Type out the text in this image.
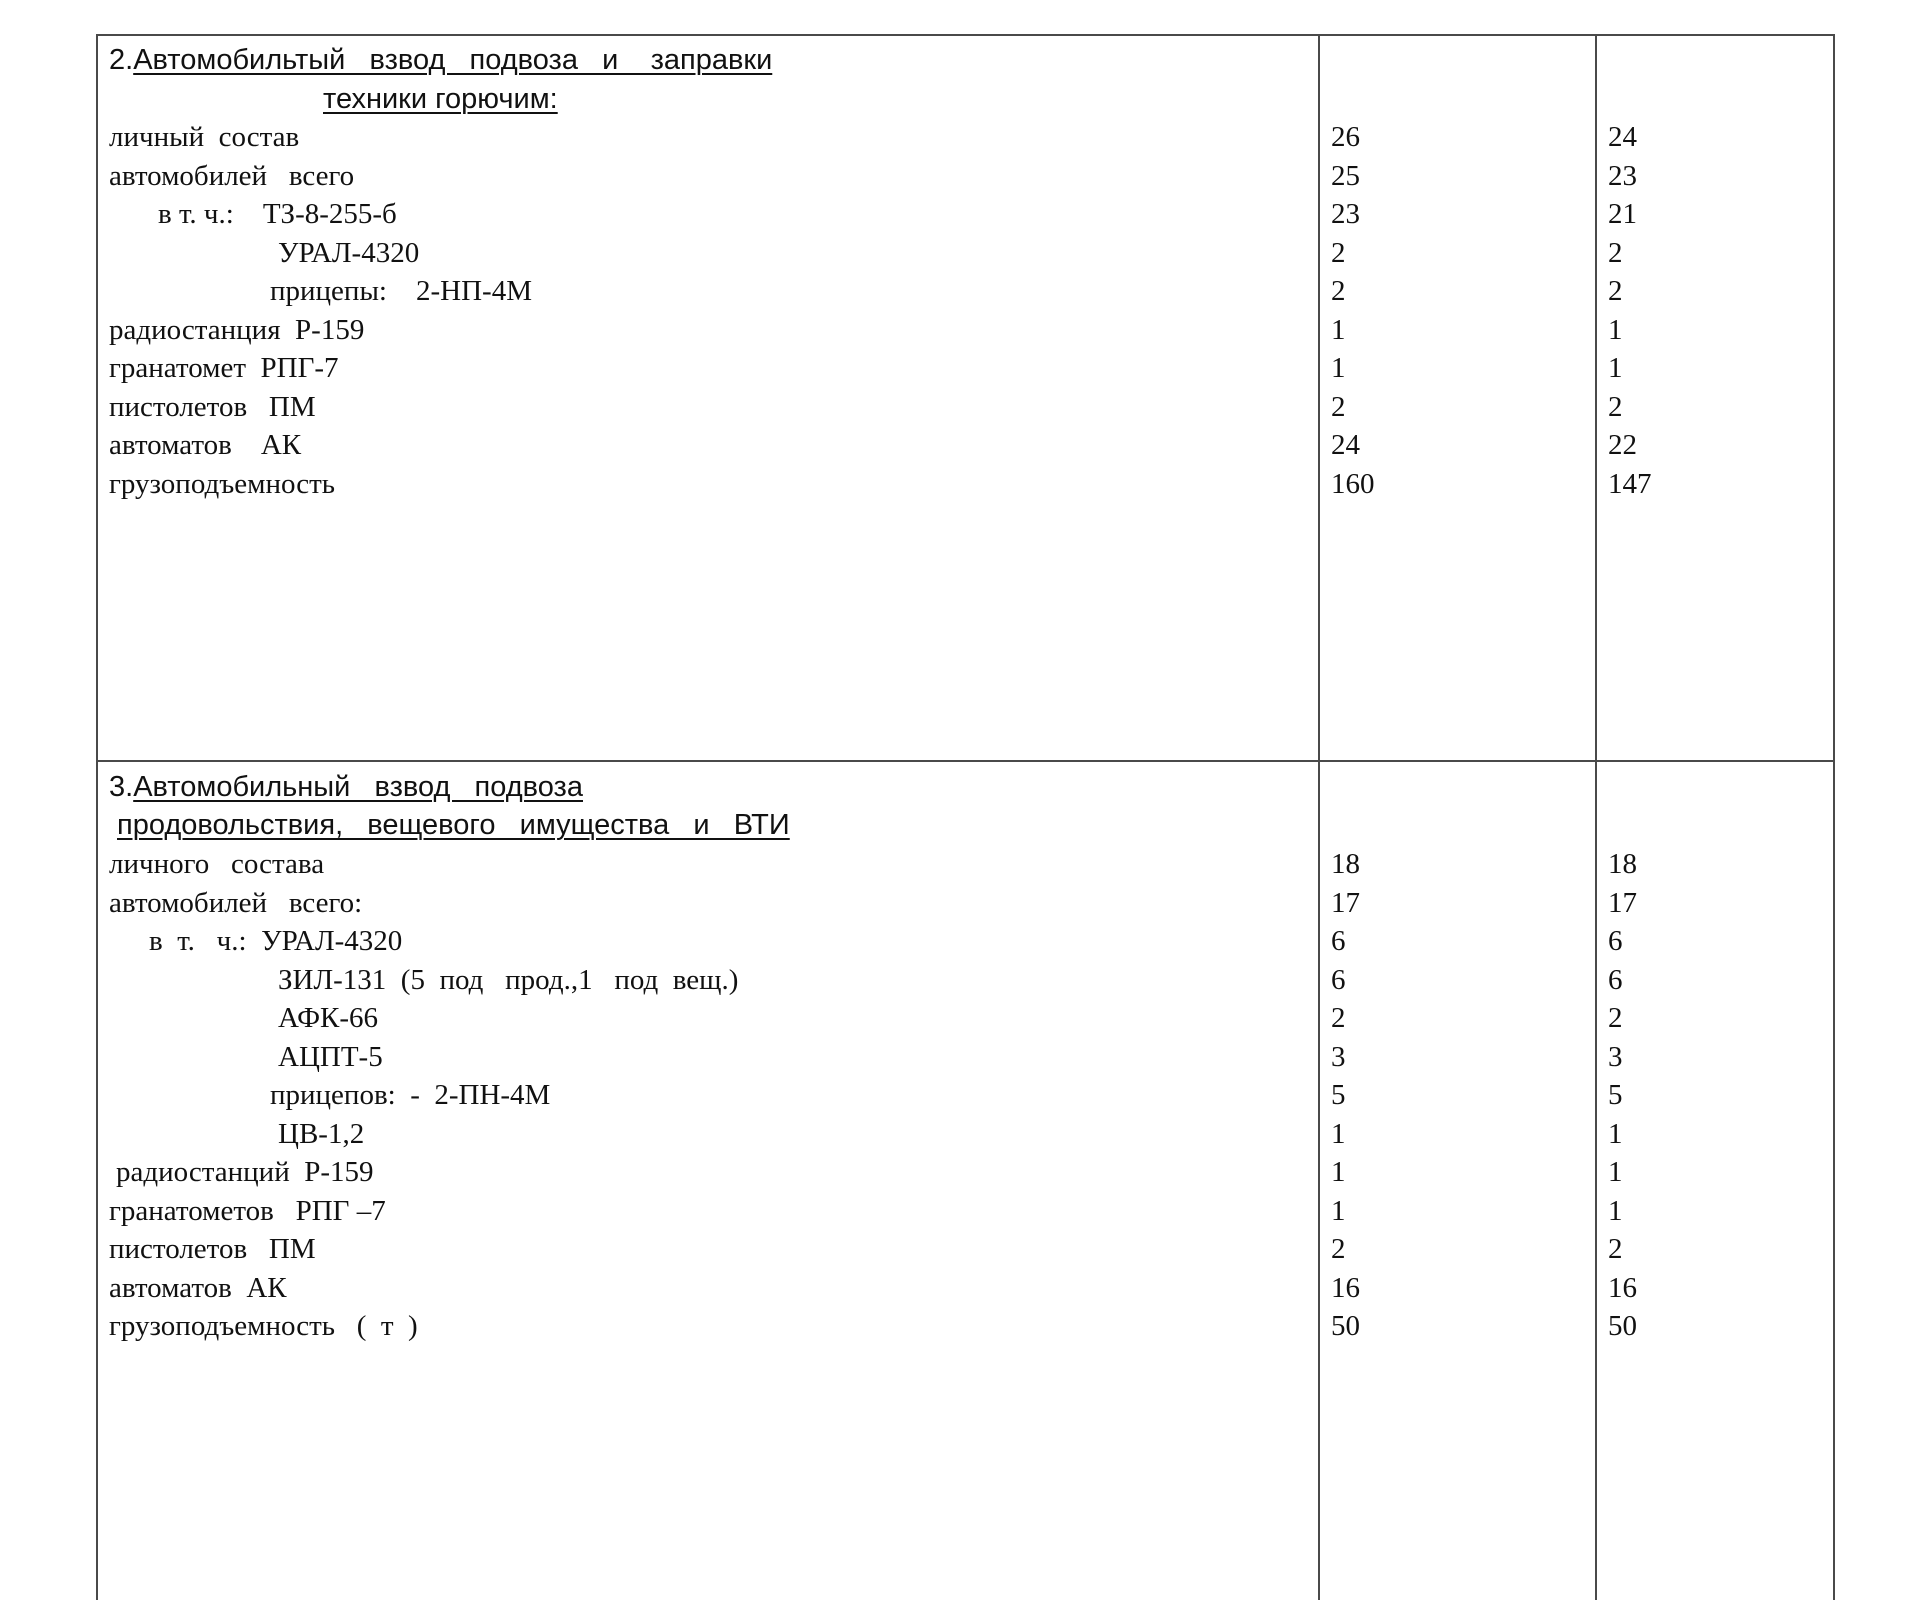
2.Автомобильтый   взвод   подвоза   и    заправки
техники горючим:
личный  состав
автомобилей   всего
в т. ч.:    ТЗ-8-255-б
УРАЛ-4320
прицепы:    2-НП-4М
радиостанция  Р-159
гранатомет  РПГ-7
пистолетов   ПМ
автоматов    АК
грузоподъемность
26
25
23
2
2
1
1
2
24
160
24
23
21
2
2
1
1
2
22
147
3.Автомобильный   взвод   подвоза
продовольствия,   вещевого   имущества   и   ВТИ
личного   состава
автомобилей   всего:
в  т.   ч.:  УРАЛ-4320
ЗИЛ-131  (5  под   прод.,1   под  вещ.)
АФК-66
АЦПТ-5
прицепов:  -  2-ПН-4М
ЦВ-1,2
радиостанций  Р-159
гранатометов   РПГ –7
пистолетов   ПМ
автоматов  АК
грузоподъемность   (  т  )
18
17
6
6
2
3
5
1
1
1
2
16
50
18
17
6
6
2
3
5
1
1
1
2
16
50
